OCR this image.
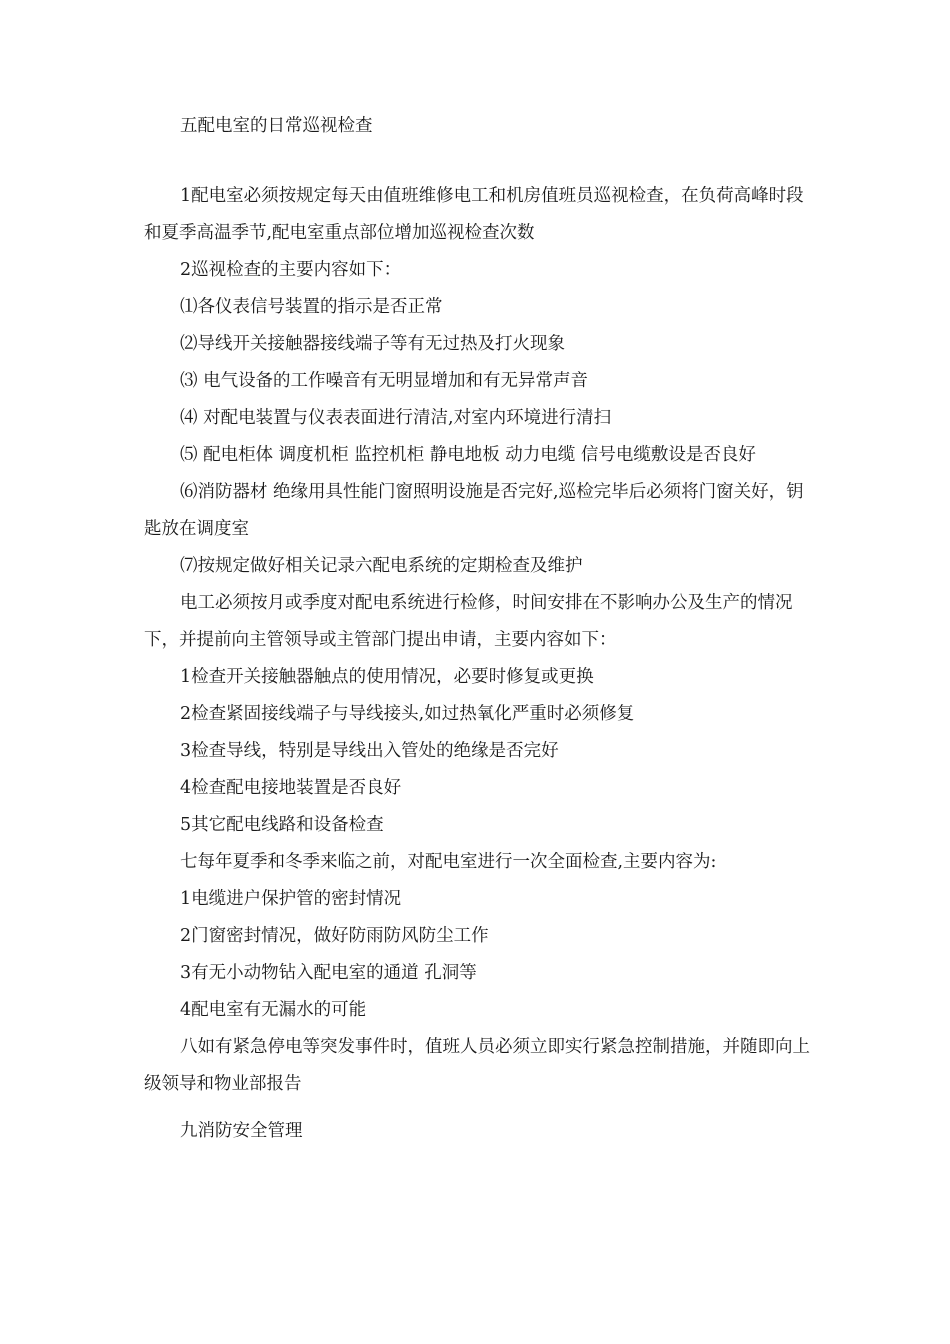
五配电室的日常巡视检查

1配电室必须按规定每天由值班维修电工和机房值班员巡视检查，在负荷高峰时段和夏季高温季节,配电室重点部位增加巡视检查次数

2巡视检查的主要内容如下：

⑴各仪表信号装置的指示是否正常

⑵导线开关接触器接线端子等有无过热及打火现象

⑶ 电气设备的工作噪音有无明显增加和有无异常声音

⑷ 对配电装置与仪表表面进行清洁,对室内环境进行清扫

⑸ 配电柜体 调度机柜 监控机柜 静电地板 动力电缆 信号电缆敷设是否良好

⑹消防器材 绝缘用具性能门窗照明设施是否完好,巡检完毕后必须将门窗关好，钥匙放在调度室

⑺按规定做好相关记录六配电系统的定期检查及维护

电工必须按月或季度对配电系统进行检修，时间安排在不影响办公及生产的情况下，并提前向主管领导或主管部门提出申请，主要内容如下：

1检查开关接触器触点的使用情况，必要时修复或更换

2检查紧固接线端子与导线接头,如过热氧化严重时必须修复

3检查导线，特别是导线出入管处的绝缘是否完好

4检查配电接地装置是否良好

5其它配电线路和设备检查

七每年夏季和冬季来临之前，对配电室进行一次全面检查,主要内容为:

1电缆进户保护管的密封情况

2门窗密封情况，做好防雨防风防尘工作

3有无小动物钻入配电室的通道 孔洞等

4配电室有无漏水的可能

八如有紧急停电等突发事件时，值班人员必须立即实行紧急控制措施，并随即向上级领导和物业部报告

九消防安全管理
